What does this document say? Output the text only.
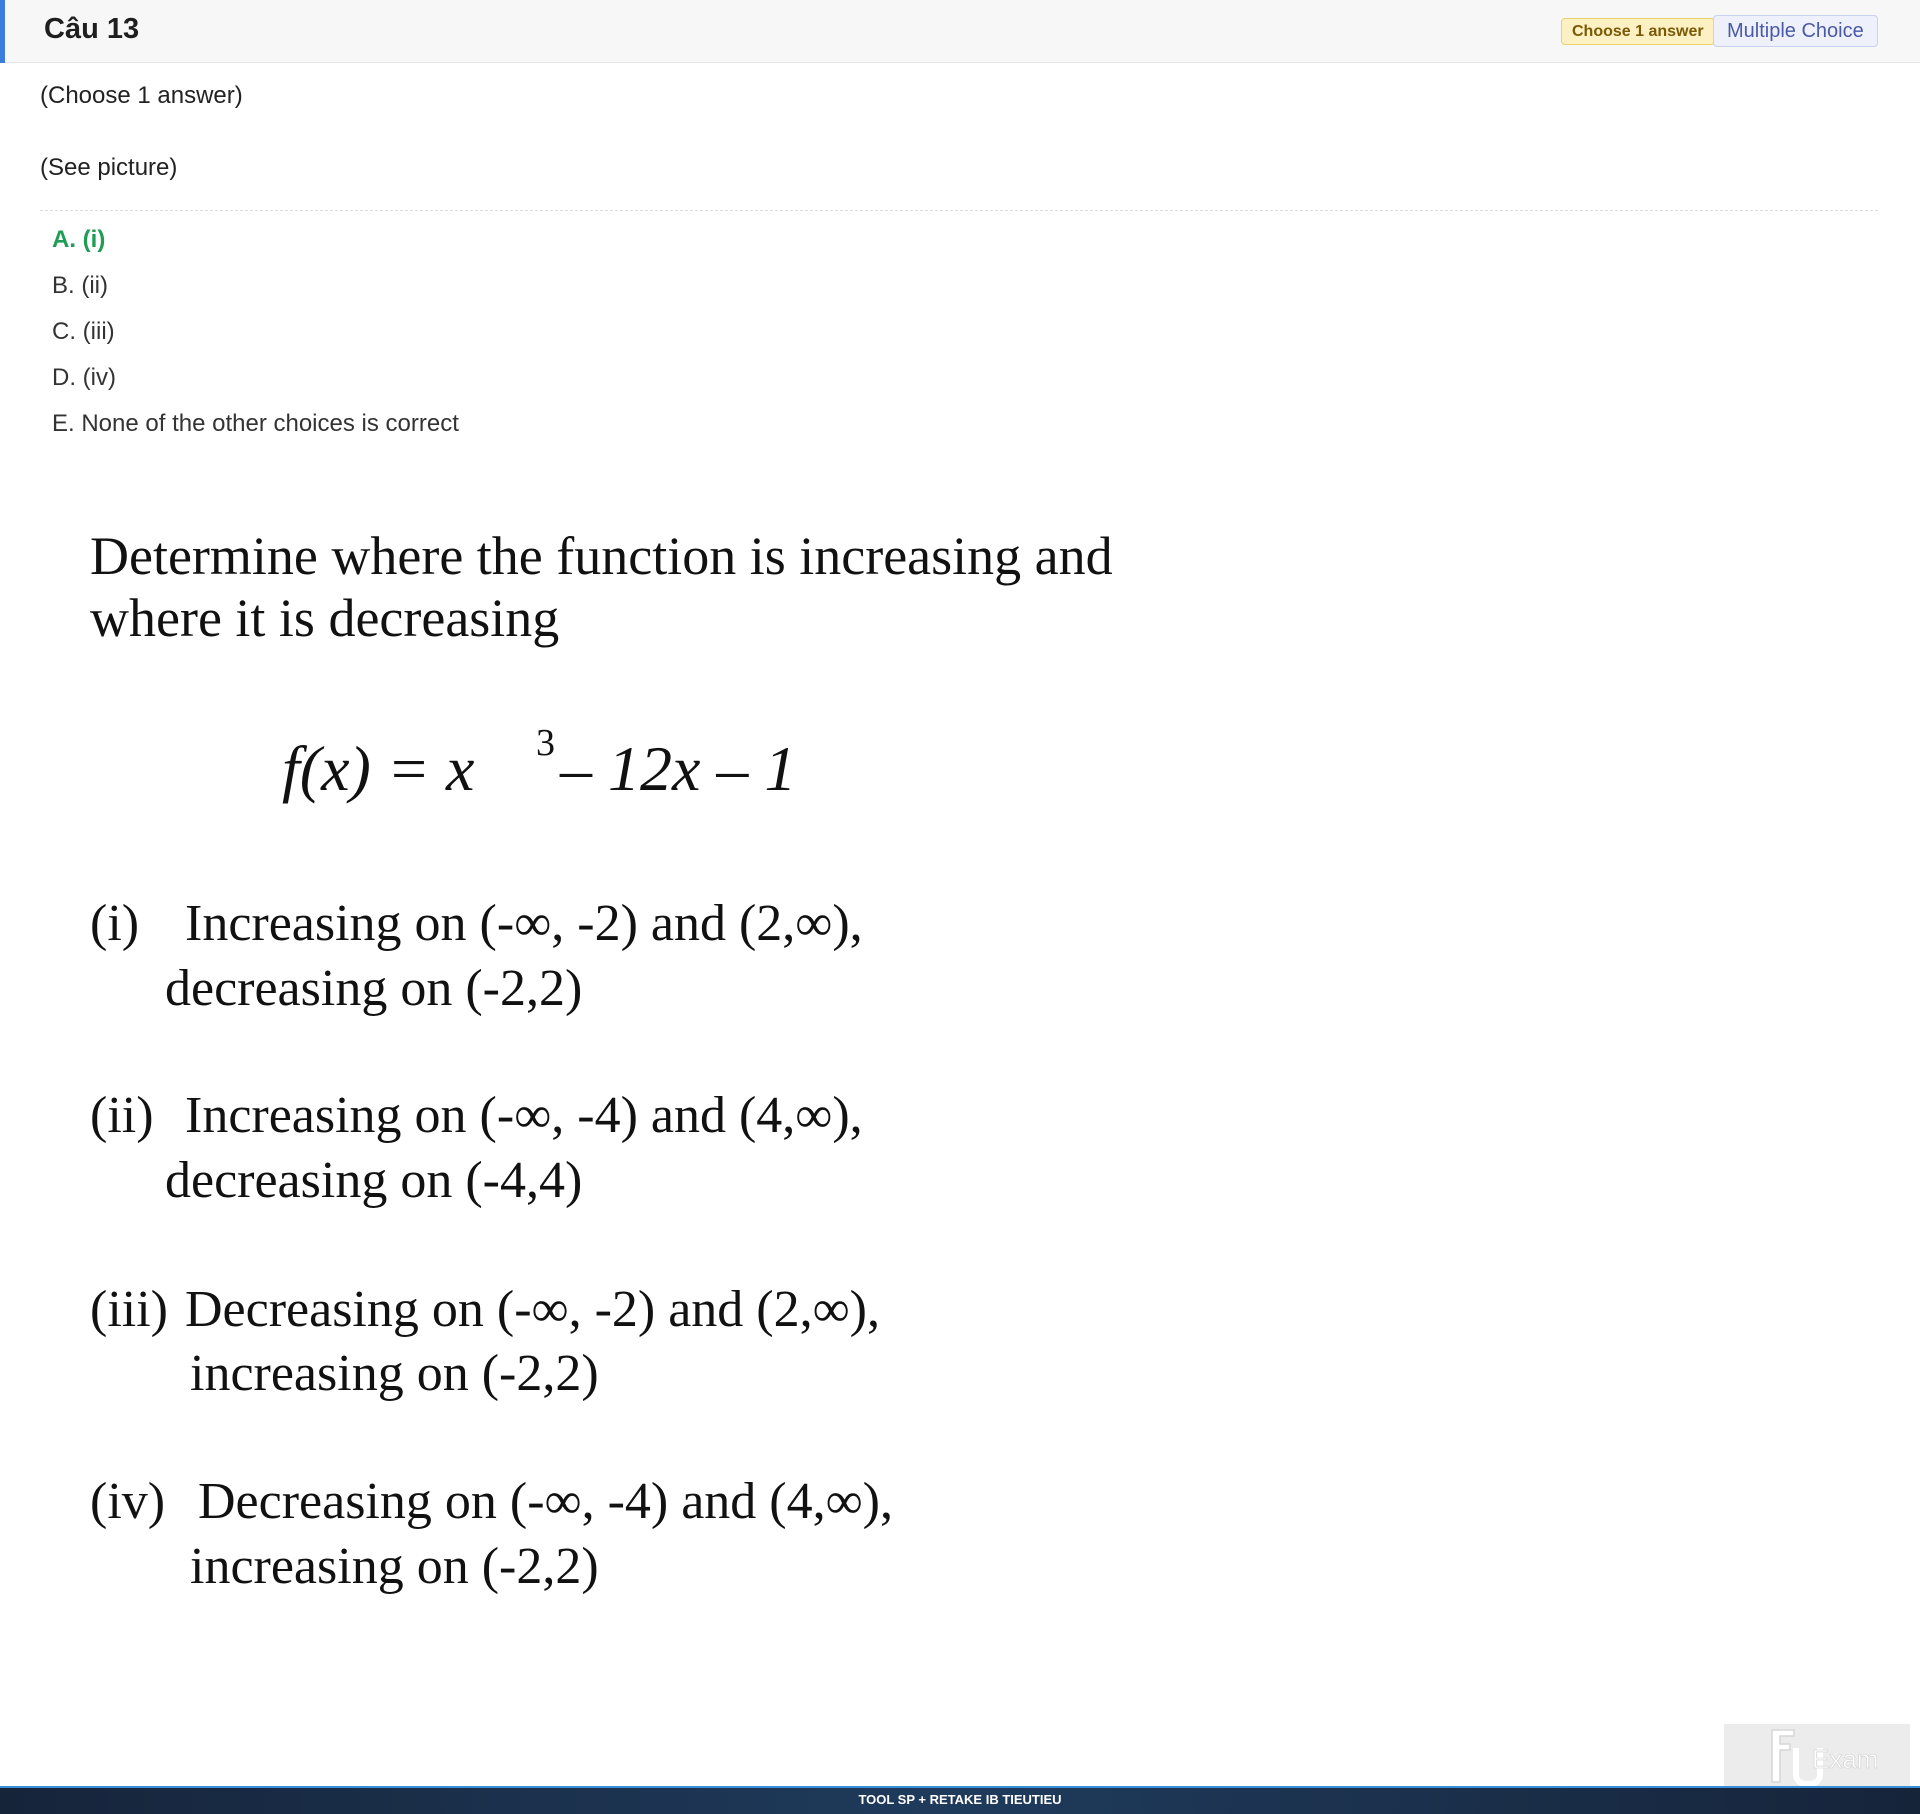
Câu 13	Choose 1 answer	Multiple Choice
(Choose 1 answer)
(See picture)
A. (i)
B. (ii)
C. (iii)
D. (iv)
E. None of the other choices is correct
Determine where the function is increasing and
where it is decreasing
f(x) = x 3 – 12x – 1
(i) Increasing on (-∞, -2) and (2,∞),
decreasing on (-2,2)
(ii) Increasing on (-∞, -4) and (4,∞),
decreasing on (-4,4)
(iii) Decreasing on (-∞, -2) and (2,∞),
increasing on (-2,2)
(iv) Decreasing on (-∞, -4) and (4,∞),
increasing on (-2,2)
Exam
TOOL SP + RETAKE IB TIEUTIEU
